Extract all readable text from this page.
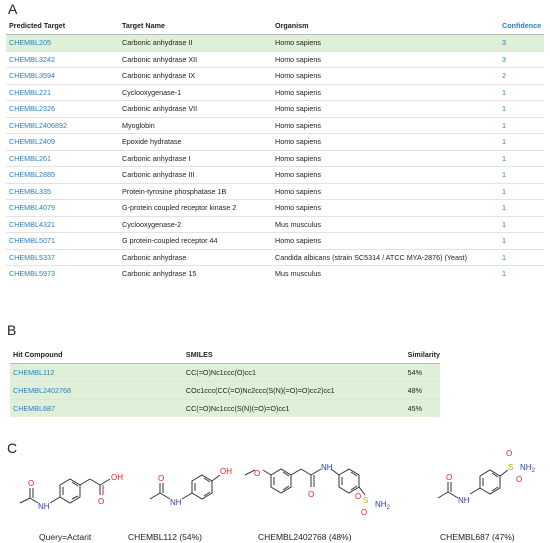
A
Predicted Target	Target Name	Organism	Confidence
CHEMBL205	Carbonic anhydrase II	Homo sapiens	3
CHEMBL3242	Carbonic anhydrase XII	Homo sapiens	3
CHEMBL3594	Carbonic anhydrase IX	Homo sapiens	2
CHEMBL221	Cyclooxygenase-1	Homo sapiens	1
CHEMBL2326	Carbonic anhydrase VII	Homo sapiens	1
CHEMBL2406892	Myoglobin	Homo sapiens	1
CHEMBL2409	Epoxide hydratase	Homo sapiens	1
CHEMBL261	Carbonic anhydrase I	Homo sapiens	1
CHEMBL2885	Carbonic anhydrase III	Homo sapiens	1
CHEMBL335	Protein-tyrosine phosphatase 1B	Homo sapiens	1
CHEMBL4079	G-protein coupled receptor kinase 2	Homo sapiens	1
CHEMBL4321	Cyclooxygenase-2	Mus musculus	1
CHEMBL5071	G protein-coupled receptor 44	Homo sapiens	1
CHEMBL5337	Carbonic anhydrase	Candida albicans (strain SC5314 / ATCC MYA-2876) (Yeast)	1
CHEMBL5973	Carbonic anhydrase 15	Mus musculus	1
B
Hit Compound	SMILES	Similarity
CHEMBL112	CC(=O)Nc1ccc(O)cc1	54%
CHEMBL2402768	COc1ccc(CC(=O)Nc2ccc(S(N)(=O)=O)cc2)cc1	48%
CHEMBL687	CC(=O)Nc1ccc(S(N)(=O)=O)cc1	45%
C
OH
O
O
NH
OH
O
NH
O
O
NH
S
O
O
$NH_2$
S
O
O
$NH_2$
O
NH
Query=Actarit	CHEMBL112 (54%)	CHEMBL2402768 (48%)	CHEMBL687 (47%)
